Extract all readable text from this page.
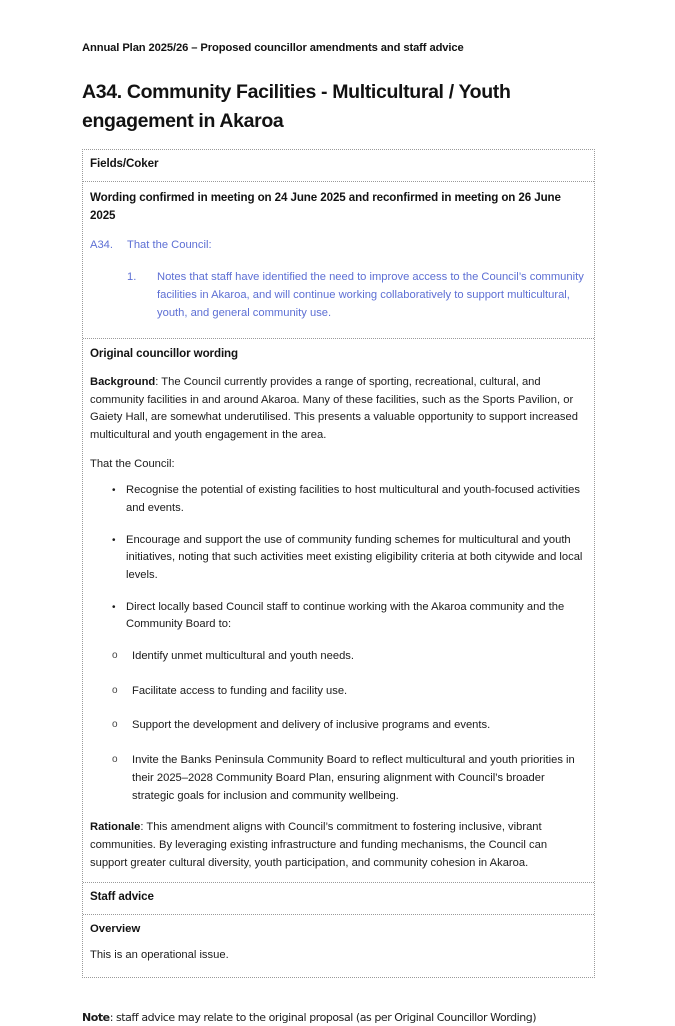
Annual Plan 2025/26 – Proposed councillor amendments and staff advice
A34. Community Facilities - Multicultural / Youth engagement in Akaroa
Fields/Coker
Wording confirmed in meeting on 24 June 2025 and reconfirmed in meeting on 26 June 2025
A34.	That the Council:
1.	Notes that staff have identified the need to improve access to the Council’s community facilities in Akaroa, and will continue working collaboratively to support multicultural, youth, and general community use.
Original councillor wording

Background: The Council currently provides a range of sporting, recreational, cultural, and community facilities in and around Akaroa. Many of these facilities, such as the Sports Pavilion, or Gaiety Hall, are somewhat underutilised. This presents a valuable opportunity to support increased multicultural and youth engagement in the area.

That the Council:

• Recognise the potential of existing facilities to host multicultural and youth-focused activities and events.
• Encourage and support the use of community funding schemes for multicultural and youth initiatives, noting that such activities meet existing eligibility criteria at both citywide and local levels.
• Direct locally based Council staff to continue working with the Akaroa community and the Community Board to:
o	Identify unmet multicultural and youth needs.
o	Facilitate access to funding and facility use.
o	Support the development and delivery of inclusive programs and events.
o	Invite the Banks Peninsula Community Board to reflect multicultural and youth priorities in their 2025–2028 Community Board Plan, ensuring alignment with Council’s broader strategic goals for inclusion and community wellbeing.

Rationale: This amendment aligns with Council’s commitment to fostering inclusive, vibrant communities. By leveraging existing infrastructure and funding mechanisms, the Council can support greater cultural diversity, youth participation, and community cohesion in Akaroa.

Staff advice
Overview

This is an operational issue.

Note: staff advice may relate to the original proposal (as per Original Councillor Wording)
